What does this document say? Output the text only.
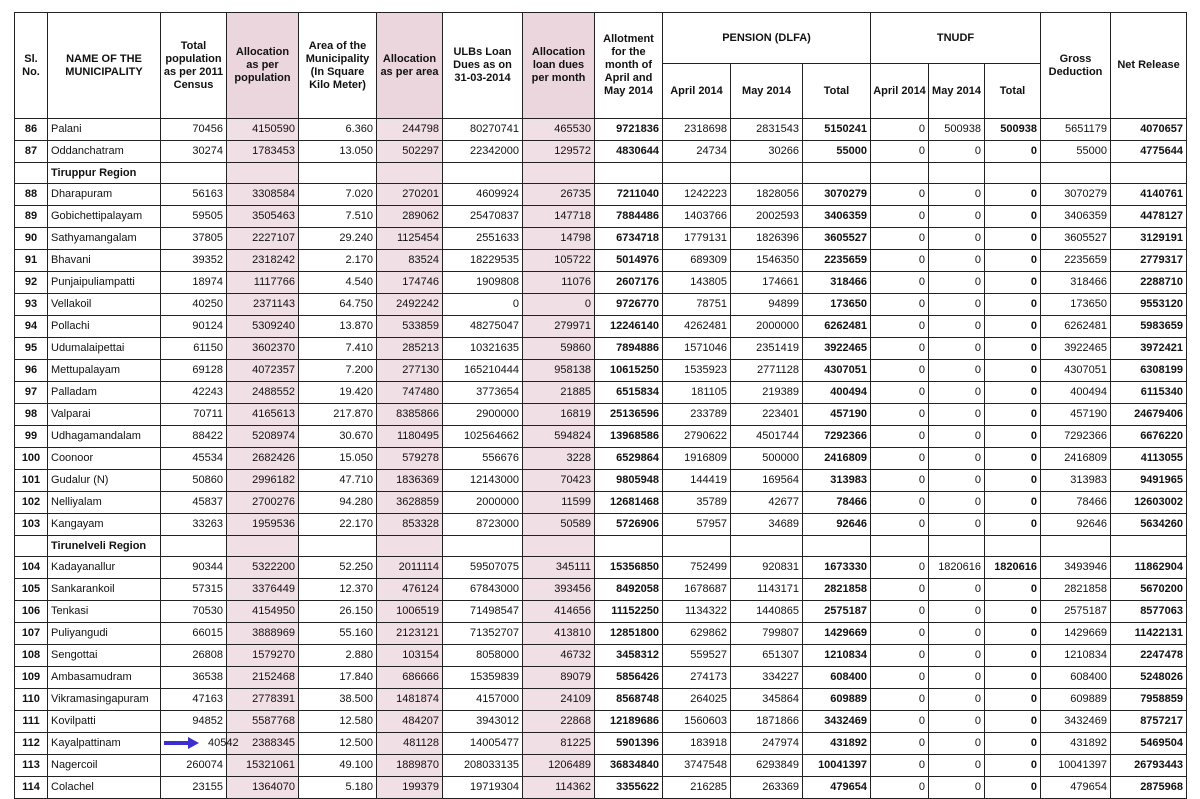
Sl. No.	NAME OF THE MUNICIPALITY	Total population as per 2011 Census	Allocation as per population	Area of the Municipality (In Square Kilo Meter)	Allocation as per area	ULBs Loan Dues as on 31-03-2014	Allocation loan dues per month	Allotment for the month of April and May 2014	PENSION (DLFA)			TNUDF			Gross Deduction	Net Release
									April 2014	May 2014	Total	April 2014	May 2014	Total		
86	Palani	70456	4150590	6.360	244798	80270741	465530	9721836	2318698	2831543	5150241	0	500938	500938	5651179	4070657
87	Oddanchatram	30274	1783453	13.050	502297	22342000	129572	4830644	24734	30266	55000	0	0	0	55000	4775644
	Tiruppur Region															
88	Dharapuram	56163	3308584	7.020	270201	4609924	26735	7211040	1242223	1828056	3070279	0	0	0	3070279	4140761
89	Gobichettipalayam	59505	3505463	7.510	289062	25470837	147718	7884486	1403766	2002593	3406359	0	0	0	3406359	4478127
90	Sathyamangalam	37805	2227107	29.240	1125454	2551633	14798	6734718	1779131	1826396	3605527	0	0	0	3605527	3129191
91	Bhavani	39352	2318242	2.170	83524	18229535	105722	5014976	689309	1546350	2235659	0	0	0	2235659	2779317
92	Punjaipuliampatti	18974	1117766	4.540	174746	1909808	11076	2607176	143805	174661	318466	0	0	0	318466	2288710
93	Vellakoil	40250	2371143	64.750	2492242	0	0	9726770	78751	94899	173650	0	0	0	173650	9553120
94	Pollachi	90124	5309240	13.870	533859	48275047	279971	12246140	4262481	2000000	6262481	0	0	0	6262481	5983659
95	Udumalaipettai	61150	3602370	7.410	285213	10321635	59860	7894886	1571046	2351419	3922465	0	0	0	3922465	3972421
96	Mettupalayam	69128	4072357	7.200	277130	165210444	958138	10615250	1535923	2771128	4307051	0	0	0	4307051	6308199
97	Palladam	42243	2488552	19.420	747480	3773654	21885	6515834	181105	219389	400494	0	0	0	400494	6115340
98	Valparai	70711	4165613	217.870	8385866	2900000	16819	25136596	233789	223401	457190	0	0	0	457190	24679406
99	Udhagamandalam	88422	5208974	30.670	1180495	102564662	594824	13968586	2790622	4501744	7292366	0	0	0	7292366	6676220
100	Coonoor	45534	2682426	15.050	579278	556676	3228	6529864	1916809	500000	2416809	0	0	0	2416809	4113055
101	Gudalur (N)	50860	2996182	47.710	1836369	12143000	70423	9805948	144419	169564	313983	0	0	0	313983	9491965
102	Nelliyalam	45837	2700276	94.280	3628859	2000000	11599	12681468	35789	42677	78466	0	0	0	78466	12603002
103	Kangayam	33263	1959536	22.170	853328	8723000	50589	5726906	57957	34689	92646	0	0	0	92646	5634260
	Tirunelveli Region															
104	Kadayanallur	90344	5322200	52.250	2011114	59507075	345111	15356850	752499	920831	1673330	0	1820616	1820616	3493946	11862904
105	Sankarankoil	57315	3376449	12.370	476124	67843000	393456	8492058	1678687	1143171	2821858	0	0	0	2821858	5670200
106	Tenkasi	70530	4154950	26.150	1006519	71498547	414656	11152250	1134322	1440865	2575187	0	0	0	2575187	8577063
107	Puliyangudi	66015	3888969	55.160	2123121	71352707	413810	12851800	629862	799807	1429669	0	0	0	1429669	11422131
108	Sengottai	26808	1579270	2.880	103154	8058000	46732	3458312	559527	651307	1210834	0	0	0	1210834	2247478
109	Ambasamudram	36538	2152468	17.840	686666	15359839	89079	5856426	274173	334227	608400	0	0	0	608400	5248026
110	Vikramasingapuram	47163	2778391	38.500	1481874	4157000	24109	8568748	264025	345864	609889	0	0	0	609889	7958859
111	Kovilpatti	94852	5587768	12.580	484207	3943012	22868	12189686	1560603	1871866	3432469	0	0	0	3432469	8757217
112	Kayalpattinam	40542	2388345	12.500	481128	14005477	81225	5901396	183918	247974	431892	0	0	0	431892	5469504
113	Nagercoil	260074	15321061	49.100	1889870	208033135	1206489	36834840	3747548	6293849	10041397	0	0	0	10041397	26793443
114	Colachel	23155	1364070	5.180	199379	19719304	114362	3355622	216285	263369	479654	0	0	0	479654	2875968
